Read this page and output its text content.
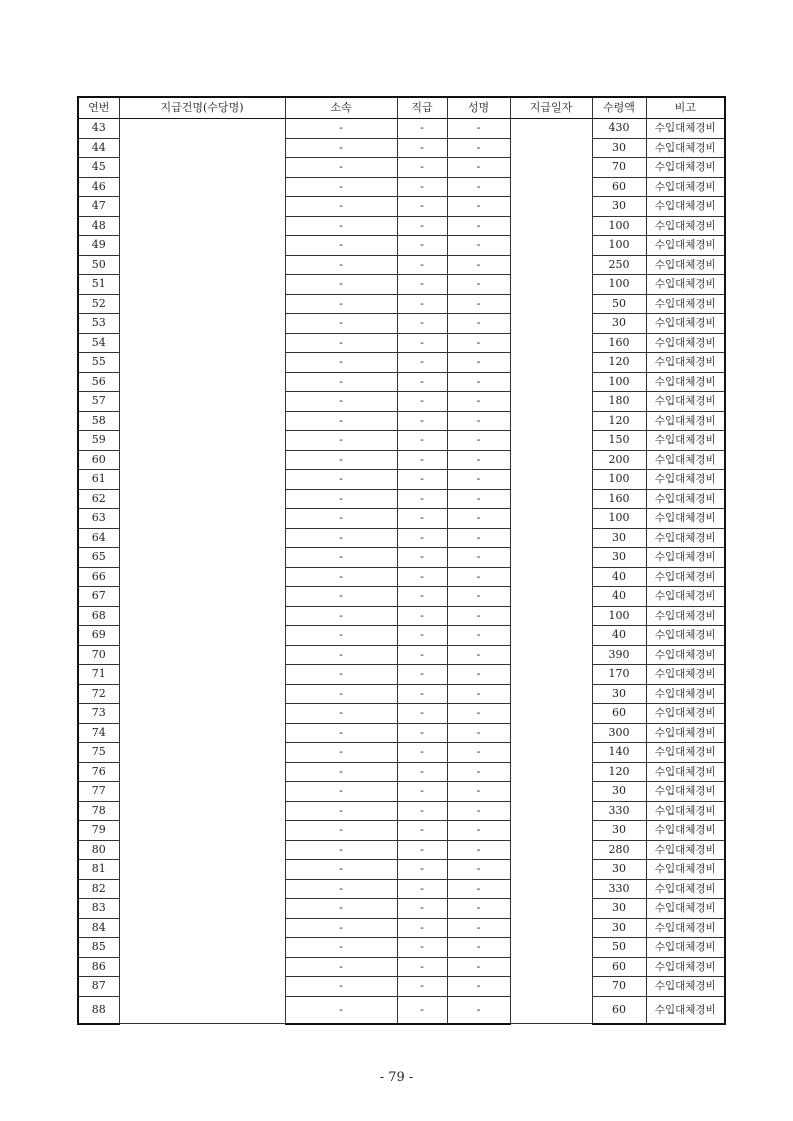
연번	지급건명(수당명)	소속	직급	성명	지급일자	수령액	비고
43		-	-	-		430	수입대체경비
44		-	-	-		30	수입대체경비
45		-	-	-		70	수입대체경비
46		-	-	-		60	수입대체경비
47		-	-	-		30	수입대체경비
48		-	-	-		100	수입대체경비
49		-	-	-		100	수입대체경비
50		-	-	-		250	수입대체경비
51		-	-	-		100	수입대체경비
52		-	-	-		50	수입대체경비
53		-	-	-		30	수입대체경비
54		-	-	-		160	수입대체경비
55		-	-	-		120	수입대체경비
56		-	-	-		100	수입대체경비
57		-	-	-		180	수입대체경비
58		-	-	-		120	수입대체경비
59		-	-	-		150	수입대체경비
60		-	-	-		200	수입대체경비
61		-	-	-		100	수입대체경비
62		-	-	-		160	수입대체경비
63		-	-	-		100	수입대체경비
64		-	-	-		30	수입대체경비
65		-	-	-		30	수입대체경비
66		-	-	-		40	수입대체경비
67		-	-	-		40	수입대체경비
68		-	-	-		100	수입대체경비
69		-	-	-		40	수입대체경비
70		-	-	-		390	수입대체경비
71		-	-	-		170	수입대체경비
72		-	-	-		30	수입대체경비
73		-	-	-		60	수입대체경비
74		-	-	-		300	수입대체경비
75		-	-	-		140	수입대체경비
76		-	-	-		120	수입대체경비
77		-	-	-		30	수입대체경비
78		-	-	-		330	수입대체경비
79		-	-	-		30	수입대체경비
80		-	-	-		280	수입대체경비
81		-	-	-		30	수입대체경비
82		-	-	-		330	수입대체경비
83		-	-	-		30	수입대체경비
84		-	-	-		30	수입대체경비
85		-	-	-		50	수입대체경비
86		-	-	-		60	수입대체경비
87		-	-	-		70	수입대체경비
88		-	-	-		60	수입대체경비
- 79 -
